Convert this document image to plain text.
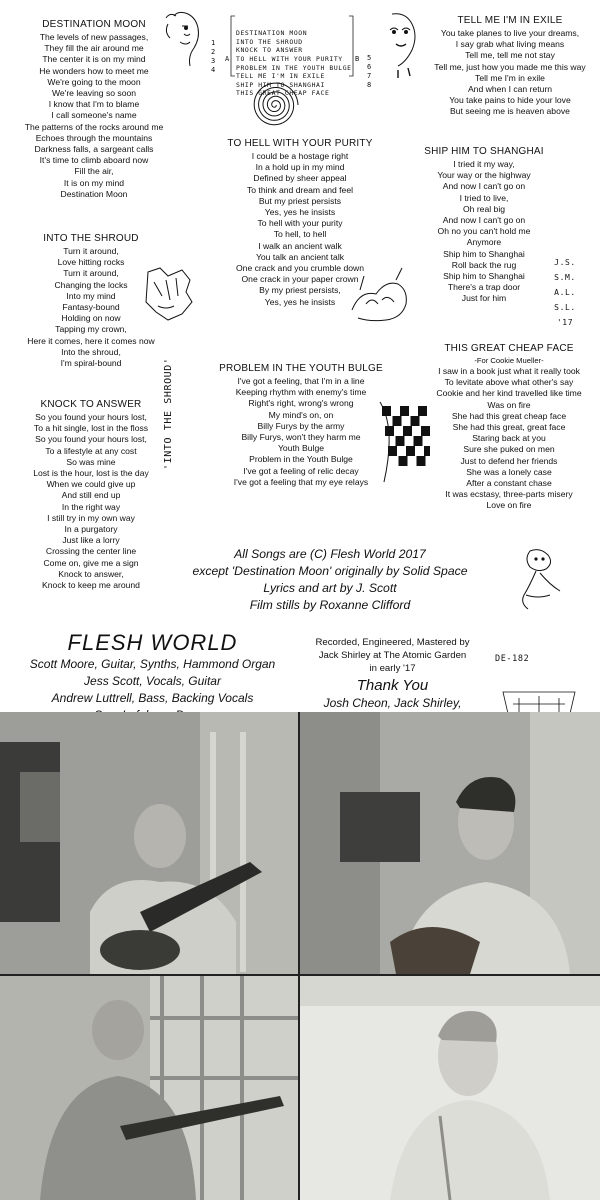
DESTINATION MOON
The levels of new passages,
They fill the air around me
The center it is on my mind
He wonders how to meet me
We're going to the moon
We're leaving so soon
I know that I'm to blame
I call someone's name
The patterns of the rocks around me
Echoes through the mountains
Darkness falls, a sargeant calls
It's time to climb aboard now
Fill the air,
It is on my mind
Destination Moon
INTO THE SHROUD
Turn it around,
Love hitting rocks
Turn it around,
Changing the locks
Into my mind
Fantasy-bound
Holding on now
Tapping my crown,
Here it comes, here it comes now
Into the shroud,
I'm spiral-bound
KNOCK TO ANSWER
So you found your hours lost,
To a hit single, lost in the floss
So you found your hours lost,
To a lifestyle at any cost
So was mine
Lost is the hour, lost is the day
When we could give up
And still end up
In the right way
I still try in my own way
In a purgatory
Just like a lorry
Crossing the center line
Come on, give me a sign
Knock to answer,
Knock to keep me around
TO HELL WITH YOUR PURITY
I could be a hostage right
In a hold up in my mind
Defined by sheer appeal
To think and dream and feel
But my priest persists
Yes, yes he insists
To hell with your purity
To hell, to hell
I walk an ancient walk
You talk an ancient talk
One crack and you crumble down
One crack in your paper crown
By my priest persists,
Yes, yes he insists
PROBLEM IN THE YOUTH BULGE
I've got a feeling, that I'm in a line
Keeping rhythm with enemy's time
Right's right, wrong's wrong
My mind's on, on
Billy Furys by the army
Billy Furys, won't they harm me
Youth Bulge
Problem in the Youth Bulge
I've got a feeling of relic decay
I've got a feeling that my eye relays
TELL ME I'M IN EXILE
You take planes to live your dreams,
I say grab what living means
Tell me, tell me not stay
Tell me, just how you made me this way
Tell me I'm in exile
And when I can return
You take pains to hide your love
But seeing me is heaven above
SHIP HIM TO SHANGHAI
I tried it my way,
Your way or the highway
And now I can't go on
I tried to live,
Oh real big
And now I can't go on
Oh no you can't hold me
Anymore
Ship him to Shanghai
Roll back the rug
Ship him to Shanghai
There's a trap door
Just for him
THIS GREAT CHEAP FACE
-For Cookie Mueller-
I saw in a book just what it really took
To levitate above what other's say
Cookie and her kind travelled like time
Was on fire
She had this great cheap face
She had this great, great face
Staring back at you
Sure she puked on men
Just to defend her friends
She was a lonely case
After a constant chase
It was ecstasy, three-parts misery
Love on fire

DESTINATION MOON
INTO THE SHROUD
KNOCK TO ANSWER
TO HELL WITH YOUR PURITY
PROBLEM IN THE YOUTH BULGE
TELL ME I'M IN EXILE
SHIP HIM TO SHANGHAI
THIS GREAT CHEAP FACE

1
2
3
4

5
6
7
8

A	B

J.S.
S.M.
A.L.
S.L.
'17

'INTO THE SHROUD'
All Songs are (C) Flesh World 2017
except 'Destination Moon' originally by Solid Space
Lyrics and art by J. Scott
Film stills by Roxanne Clifford
FLESH WORLD
Scott Moore, Guitar, Synths, Hammond Organ
Jess Scott, Vocals, Guitar
Andrew Luttrell, Bass, Backing Vocals
Recorded, Engineered, Mastered by
Jack Shirley at The Atomic Garden
in early '17
Thank You
Josh Cheon, Jack Shirley,

DE-182
